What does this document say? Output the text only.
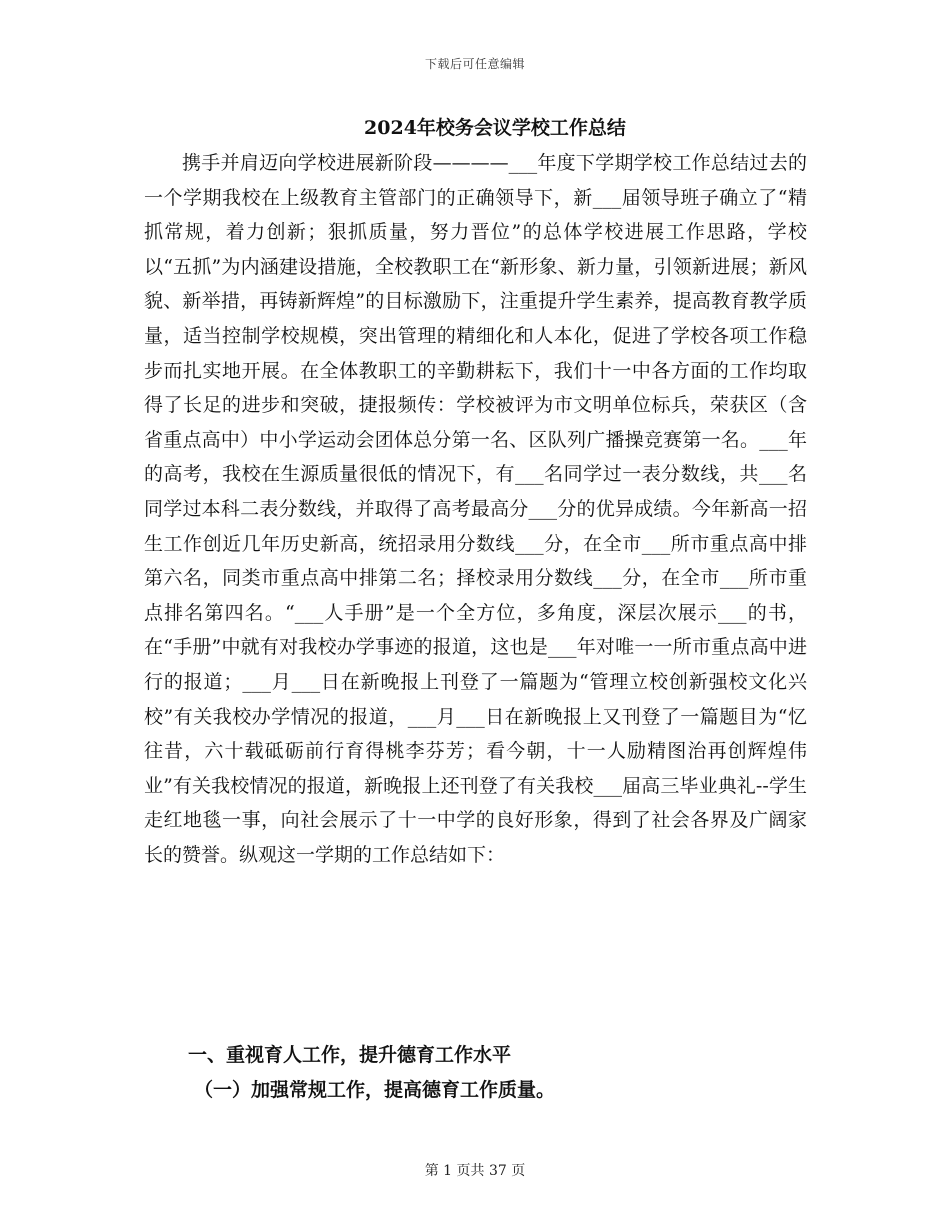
下载后可任意编辑
2024年校务会议学校工作总结

携手并肩迈向学校进展新阶段————___年度下学期学校工作总结过去的一个学期我校在上级教育主管部门的正确领导下，新___届领导班子确立了“精抓常规，着力创新；狠抓质量，努力晋位”的总体学校进展工作思路，学校以“五抓”为内涵建设措施，全校教职工在“新形象、新力量，引领新进展；新风貌、新举措，再铸新辉煌”的目标激励下，注重提升学生素养，提高教育教学质量，适当控制学校规模，突出管理的精细化和人本化，促进了学校各项工作稳步而扎实地开展。在全体教职工的辛勤耕耘下，我们十一中各方面的工作均取得了长足的进步和突破，捷报频传：学校被评为市文明单位标兵，荣获区（含省重点高中）中小学运动会团体总分第一名、区队列广播操竞赛第一名。___年的高考，我校在生源质量很低的情况下，有___名同学过一表分数线，共___名同学过本科二表分数线，并取得了高考最高分___分的优异成绩。今年新高一招生工作创近几年历史新高，统招录用分数线___分，在全市___所市重点高中排第六名，同类市重点高中排第二名；择校录用分数线___分，在全市___所市重点排名第四名。“___人手册”是一个全方位，多角度，深层次展示___的书，在“手册”中就有对我校办学事迹的报道，这也是___年对唯一一所市重点高中进行的报道；___月___日在新晚报上刊登了一篇题为“管理立校创新强校文化兴校”有关我校办学情况的报道，___月___日在新晚报上又刊登了一篇题目为“忆往昔，六十载砥砺前行育得桃李芬芳；看今朝，十一人励精图治再创辉煌伟业”有关我校情况的报道，新晚报上还刊登了有关我校___届高三毕业典礼--学生走红地毯一事，向社会展示了十一中学的良好形象，得到了社会各界及广阔家长的赞誉。纵观这一学期的工作总结如下：

一、重视育人工作，提升德育工作水平

（一）加强常规工作，提高德育工作质量。

第 1 页共 37 页
